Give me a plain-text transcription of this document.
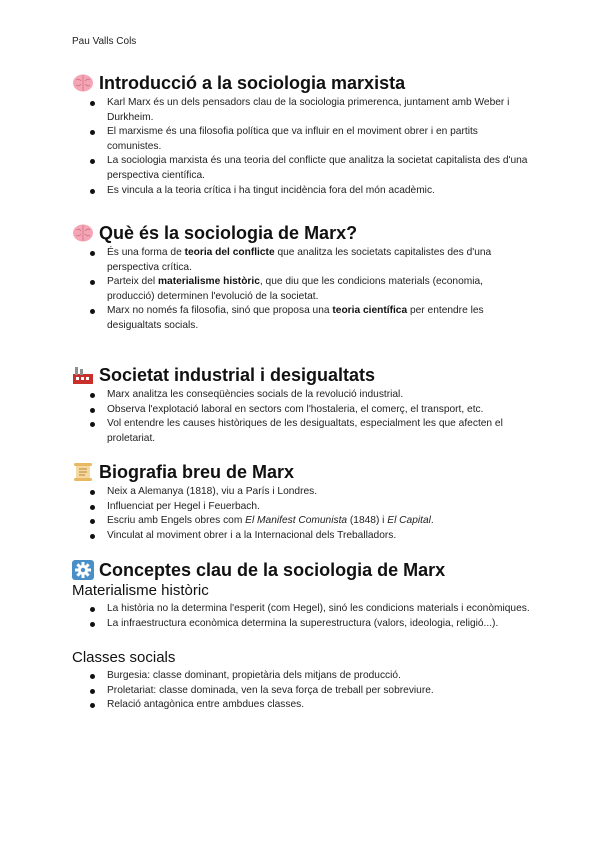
Pau Valls Cols
Introducció a la sociologia marxista
Karl Marx és un dels pensadors clau de la sociologia primerenca, juntament amb Weber i Durkheim.
El marxisme és una filosofia política que va influir en el moviment obrer i en partits comunistes.
La sociologia marxista és una teoria del conflicte que analitza la societat capitalista des d'una perspectiva científica.
Es vincula a la teoria crítica i ha tingut incidència fora del món acadèmic.
Què és la sociologia de Marx?
És una forma de teoria del conflicte que analitza les societats capitalistes des d'una perspectiva crítica.
Parteix del materialisme històric, que diu que les condicions materials (economia, producció) determinen l'evolució de la societat.
Marx no només fa filosofia, sinó que proposa una teoria científica per entendre les desigualtats socials.
Societat industrial i desigualtats
Marx analitza les conseqüències socials de la revolució industrial.
Observa l'explotació laboral en sectors com l'hostaleria, el comerç, el transport, etc.
Vol entendre les causes històriques de les desigualtats, especialment les que afecten el proletariat.
Biografia breu de Marx
Neix a Alemanya (1818), viu a París i Londres.
Influenciat per Hegel i Feuerbach.
Escriu amb Engels obres com El Manifest Comunista (1848) i El Capital.
Vinculat al moviment obrer i a la Internacional dels Treballadors.
Conceptes clau de la sociologia de Marx
Materialisme històric
La història no la determina l'esperit (com Hegel), sinó les condicions materials i econòmiques.
La infraestructura econòmica determina la superestructura (valors, ideologia, religió...).
Classes socials
Burgesia: classe dominant, propietària dels mitjans de producció.
Proletariat: classe dominada, ven la seva força de treball per sobreviure.
Relació antagònica entre ambdues classes.
